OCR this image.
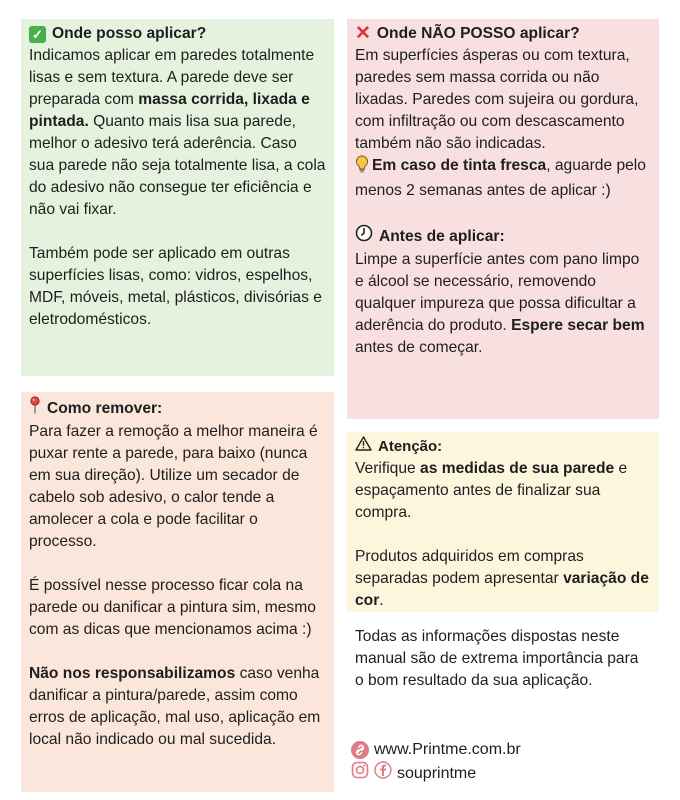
✓ Onde posso aplicar?

Indicamos aplicar em paredes totalmente lisas e sem textura. A parede deve ser preparada com massa corrida, lixada e pintada. Quanto mais lisa sua parede, melhor o adesivo terá aderência. Caso sua parede não seja totalmente lisa, a cola do adesivo não consegue ter eficiência e não vai fixar.

Também pode ser aplicado em outras superfícies lisas, como: vidros, espelhos, MDF, móveis, metal, plásticos, divisórias e eletrodomésticos.

✕ Onde NÃO POSSO aplicar?

Em superfícies ásperas ou com textura, paredes sem massa corrida ou não lixadas. Paredes com sujeira ou gordura, com infiltração ou com descascamento também não são indicadas.

Em caso de tinta fresca, aguarde pelo menos 2 semanas antes de aplicar :)

Antes de aplicar:

Limpe a superfície antes com pano limpo e álcool se necessário, removendo qualquer impureza que possa dificultar a aderência do produto. Espere secar bem antes de começar.

Como remover:

Para fazer a remoção a melhor maneira é puxar rente a parede, para baixo (nunca em sua direção). Utilize um secador de cabelo sob adesivo, o calor tende a amolecer a cola e pode facilitar o processo.

É possível nesse processo ficar cola na parede ou danificar a pintura sim, mesmo com as dicas que mencionamos acima :)

Não nos responsabilizamos caso venha danificar a pintura/parede, assim como erros de aplicação, mal uso, aplicação em local não indicado ou mal sucedida.

Atenção:

Verifique as medidas de sua parede e espaçamento antes de finalizar sua compra.

Produtos adquiridos em compras separadas podem apresentar variação de cor.

Todas as informações dispostas neste manual são de extrema importância para o bom resultado da sua aplicação.

www.Printme.com.br
souprintme
